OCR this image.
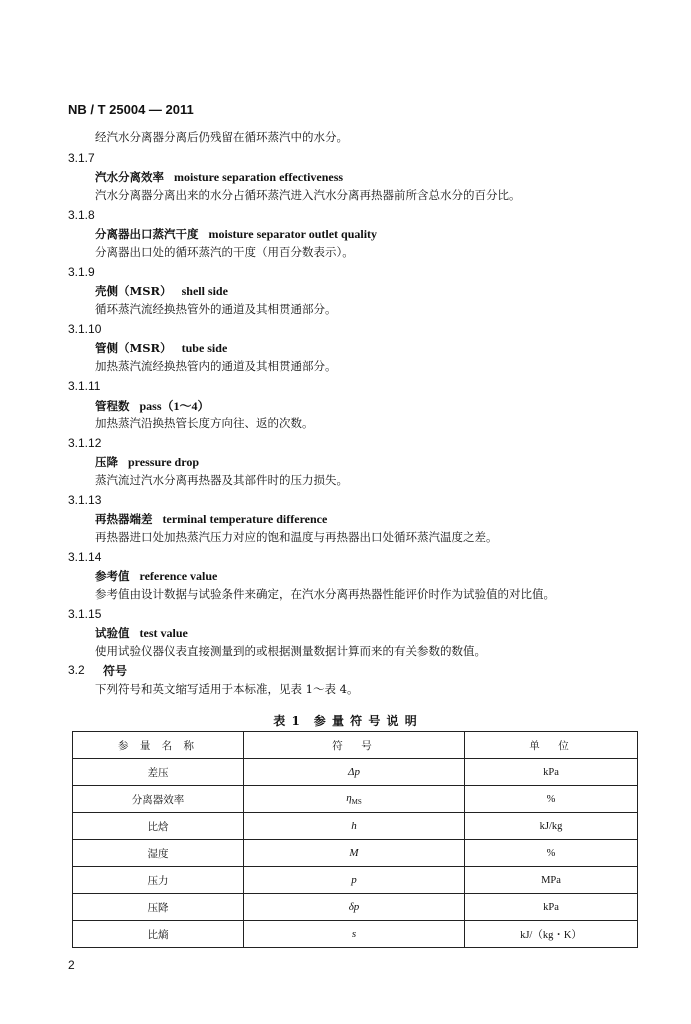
NB / T 25004 — 2011
经汽水分离器分离后仍残留在循环蒸汽中的水分。
3.1.7
汽水分离效率 moisture separation effectiveness
汽水分离器分离出来的水分占循环蒸汽进入汽水分离再热器前所含总水分的百分比。
3.1.8
分离器出口蒸汽干度 moisture separator outlet quality
分离器出口处的循环蒸汽的干度（用百分数表示）。
3.1.9
壳侧（MSR） shell side
循环蒸汽流经换热管外的通道及其相贯通部分。
3.1.10
管侧（MSR） tube side
加热蒸汽流经换热管内的通道及其相贯通部分。
3.1.11
管程数 pass（1～4）
加热蒸汽沿换热管长度方向往、返的次数。
3.1.12
压降 pressure drop
蒸汽流过汽水分离再热器及其部件时的压力损失。
3.1.13
再热器端差 terminal temperature difference
再热器进口处加热蒸汽压力对应的饱和温度与再热器出口处循环蒸汽温度之差。
3.1.14
参考值 reference value
参考值由设计数据与试验条件来确定，在汽水分离再热器性能评价时作为试验值的对比值。
3.1.15
试验值 test value
使用试验仪器仪表直接测量到的或根据测量数据计算而来的有关参数的数值。
3.2 符号
下列符号和英文缩写适用于本标准，见表 1～表 4。
表 1　参 量 符 号 说 明
参 量 名 称	符　号	单　位
差压	Δp	kPa
分离器效率	$\eta_{MS}$	%
比焓	h	kJ/kg
湿度	M	%
压力	p	MPa
压降	δp	kPa
比熵	s	kJ/（kg・K）
2
